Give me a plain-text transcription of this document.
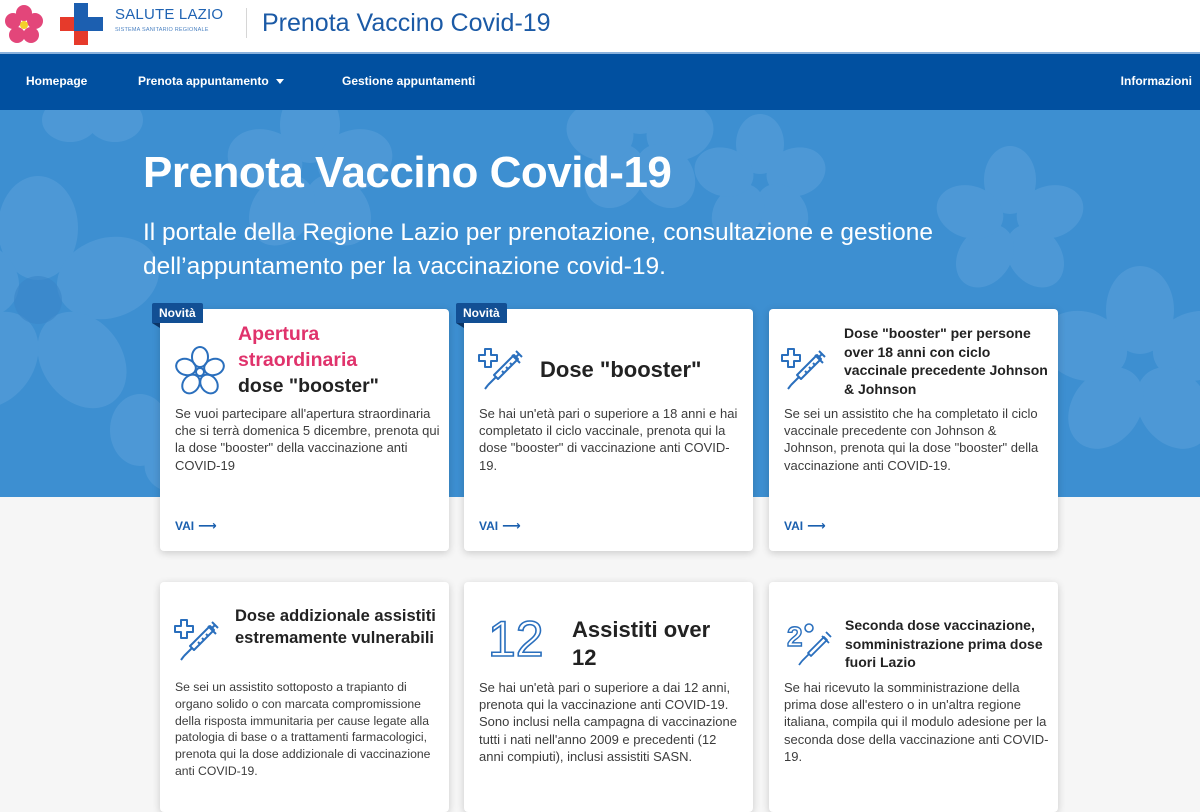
SALUTE LAZIO
SISTEMA SANITARIO REGIONALE	Prenota Vaccino Covid-19
Homepage	Prenota appuntamento	Gestione appuntamenti	Informazioni
Prenota Vaccino Covid-19
Il portale della Regione Lazio per prenotazione, consultazione e gestione dell’appuntamento per la vaccinazione covid-19.
Novità
Apertura straordinaria
dose "booster"
Se vuoi partecipare all'apertura straordinaria che si terrà domenica 5 dicembre, prenota qui la dose "booster" della vaccinazione anti COVID-19
VAI ⟶
Novità
Dose "booster"
Se hai un'età pari o superiore a 18 anni e hai completato il ciclo vaccinale, prenota qui la dose "booster" di vaccinazione anti COVID-19.
VAI ⟶
Dose "booster" per persone over 18 anni con ciclo vaccinale precedente Johnson & Johnson
Se sei un assistito che ha completato il ciclo vaccinale precedente con Johnson & Johnson, prenota qui la dose "booster" della vaccinazione anti COVID-19.
VAI ⟶
Dose addizionale assistiti estremamente vulnerabili
Se sei un assistito sottoposto a trapianto di organo solido o con marcata compromissione della risposta immunitaria per cause legate alla patologia di base o a trattamenti farmacologici, prenota qui la dose addizionale di vaccinazione anti COVID-19.
12 Assistiti over 12
Se hai un'età pari o superiore a dai 12 anni, prenota qui la vaccinazione anti COVID-19. Sono inclusi nella campagna di vaccinazione tutti i nati nell'anno 2009 e precedenti (12 anni compiuti), inclusi assistiti SASN.
2	Seconda dose vaccinazione, somministrazione prima dose fuori Lazio
Se hai ricevuto la somministrazione della prima dose all'estero o in un'altra regione italiana, compila qui il modulo adesione per la seconda dose della vaccinazione anti COVID-19.
